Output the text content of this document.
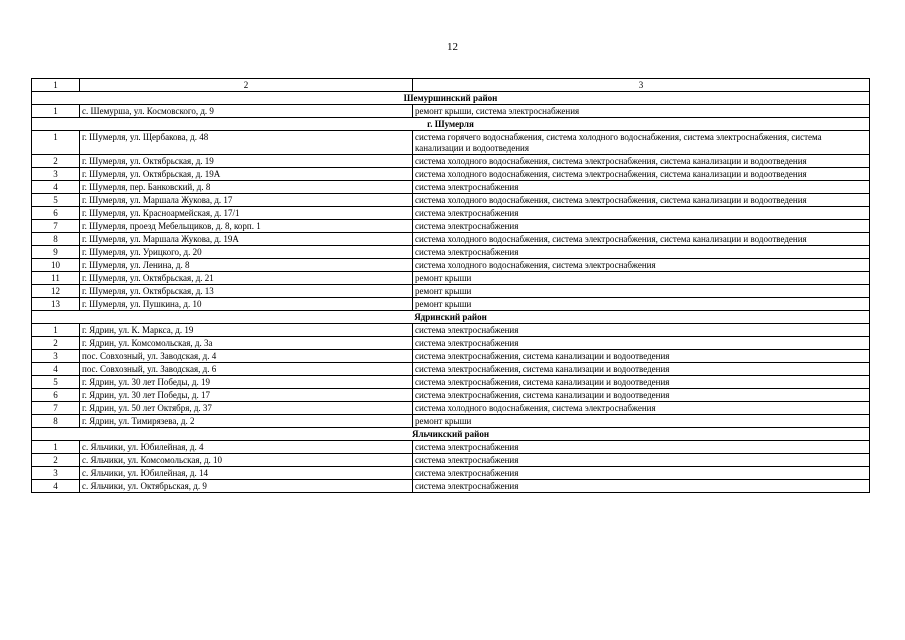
12
1	2	3
Шемуршинский район		
1	с. Шемурша, ул. Космовского, д. 9	ремонт крыши, система электроснабжения
г. Шумерля		
1	г. Шумерля, ул. Щербакова, д. 48	система горячего водоснабжения, система холодного водоснабжения, система электроснабжения, система канализации и водоотведения
2	г. Шумерля, ул. Октябрьская, д. 19	система холодного водоснабжения, система электроснабжения, система канализации и водоотведения
3	г. Шумерля, ул. Октябрьская, д. 19А	система холодного водоснабжения, система электроснабжения, система канализации и водоотведения
4	г. Шумерля, пер. Банковский, д. 8	система электроснабжения
5	г. Шумерля, ул. Маршала Жукова, д. 17	система холодного водоснабжения, система электроснабжения, система канализации и водоотведения
6	г. Шумерля, ул. Красноармейская, д. 17/1	система электроснабжения
7	г. Шумерля, проезд Мебельщиков, д. 8, корп. 1	система электроснабжения
8	г. Шумерля, ул. Маршала Жукова, д. 19А	система холодного водоснабжения, система электроснабжения, система канализации и водоотведения
9	г. Шумерля, ул. Урицкого, д. 20	система электроснабжения
10	г. Шумерля, ул. Ленина, д. 8	система холодного водоснабжения, система электроснабжения
11	г. Шумерля, ул. Октябрьская, д. 21	ремонт крыши
12	г. Шумерля, ул. Октябрьская, д. 13	ремонт крыши
13	г. Шумерля, ул. Пушкина, д. 10	ремонт крыши
Ядринский район		
1	г. Ядрин, ул. К. Маркса, д. 19	система электроснабжения
2	г. Ядрин, ул. Комсомольская, д. 3а	система электроснабжения
3	пос. Совхозный, ул. Заводская, д. 4	система электроснабжения, система канализации и водоотведения
4	пос. Совхозный, ул. Заводская, д. 6	система электроснабжения, система канализации и водоотведения
5	г. Ядрин, ул. 30 лет Победы, д. 19	система электроснабжения, система канализации и водоотведения
6	г. Ядрин, ул. 30 лет Победы, д. 17	система электроснабжения, система канализации и водоотведения
7	г. Ядрин, ул. 50 лет Октября, д. 37	система холодного водоснабжения, система электроснабжения
8	г. Ядрин, ул. Тимирязева, д. 2	ремонт крыши
Яльчикский район		
1	с. Яльчики, ул. Юбилейная, д. 4	система электроснабжения
2	с. Яльчики, ул. Комсомольская, д. 10	система электроснабжения
3	с. Яльчики, ул. Юбилейная, д. 14	система электроснабжения
4	с. Яльчики, ул. Октябрьская, д. 9	система электроснабжения
